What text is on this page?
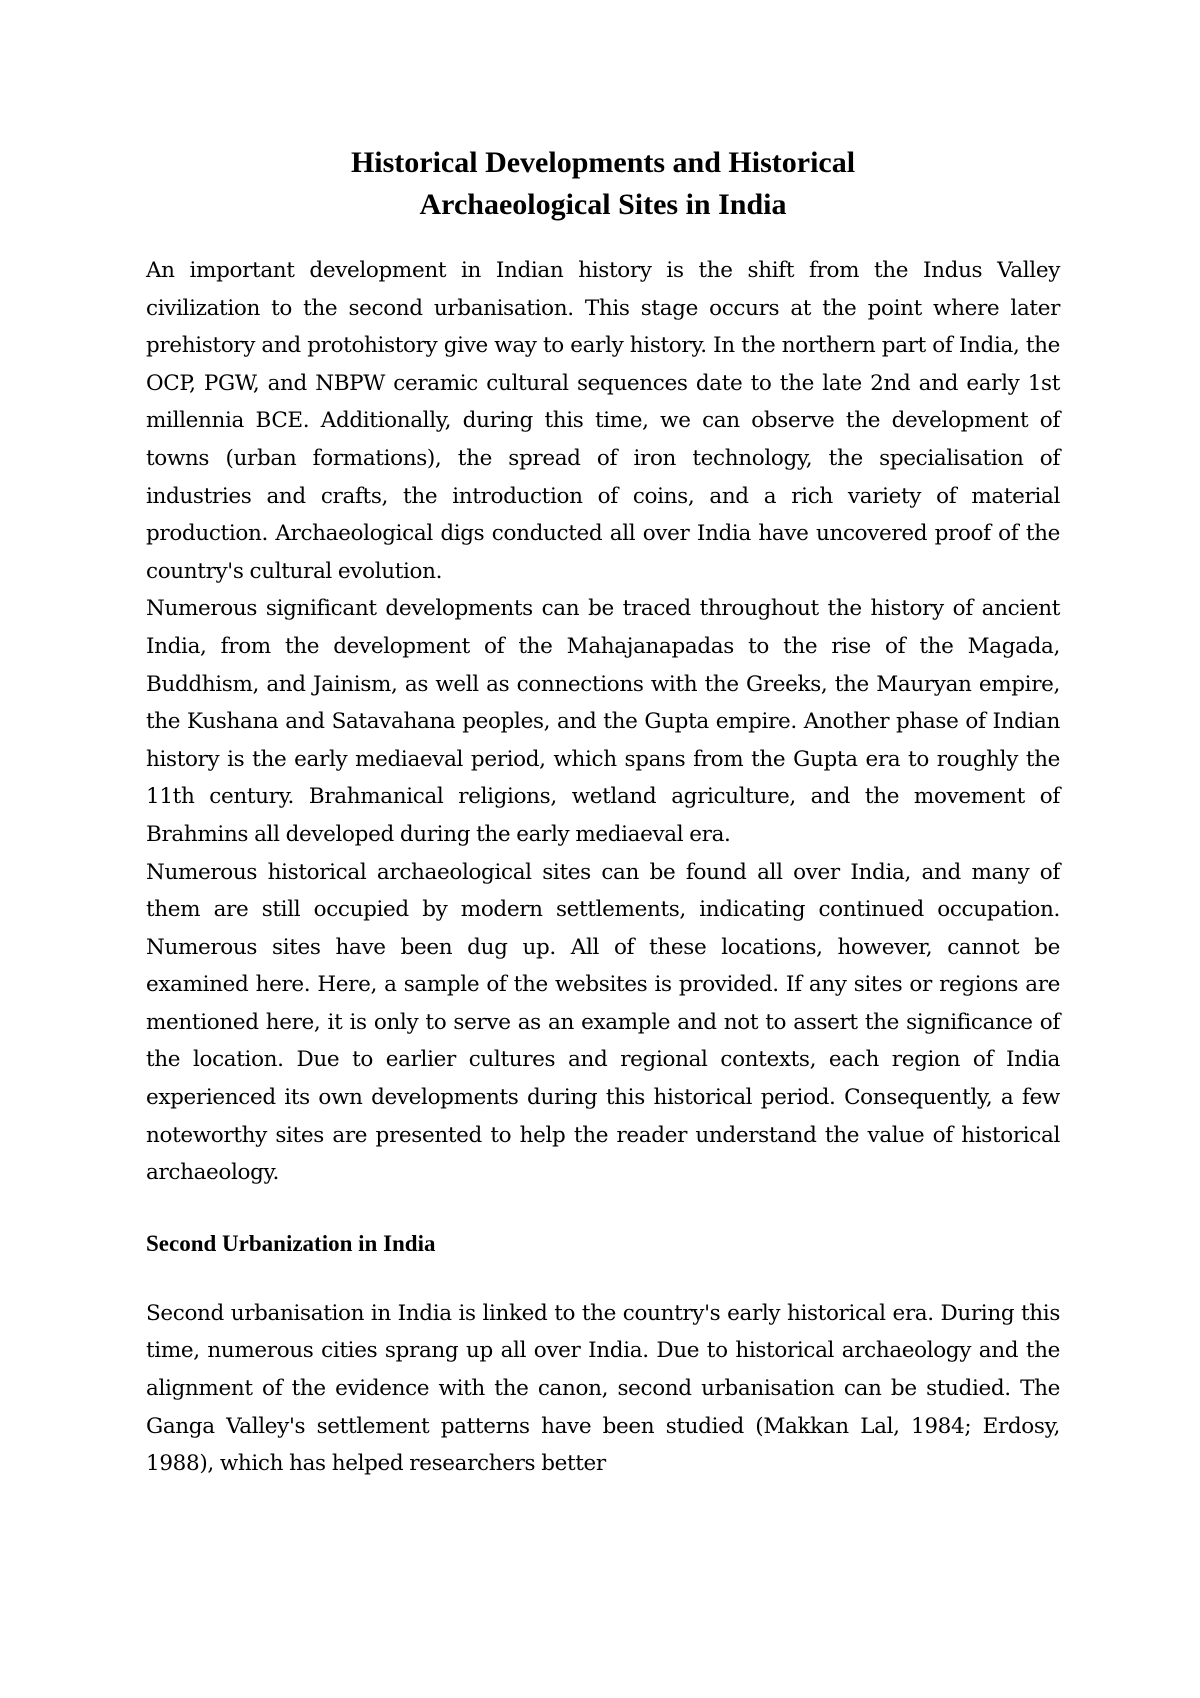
Historical Developments and Historical
Archaeological Sites in India

An important development in Indian history is the shift from the Indus Valley civilization to the second urbanisation. This stage occurs at the point where later prehistory and protohistory give way to early history. In the northern part of India, the OCP, PGW, and NBPW ceramic cultural sequences date to the late 2nd and early 1st millennia BCE. Additionally, during this time, we can observe the development of towns (urban formations), the spread of iron technology, the specialisation of industries and crafts, the introduction of coins, and a rich variety of material production. Archaeological digs conducted all over India have uncovered proof of the country's cultural evolution.

Numerous significant developments can be traced throughout the history of ancient India, from the development of the Mahajanapadas to the rise of the Magada, Buddhism, and Jainism, as well as connections with the Greeks, the Mauryan empire, the Kushana and Satavahana peoples, and the Gupta empire. Another phase of Indian history is the early mediaeval period, which spans from the Gupta era to roughly the 11th century. Brahmanical religions, wetland agriculture, and the movement of Brahmins all developed during the early mediaeval era.

Numerous historical archaeological sites can be found all over India, and many of them are still occupied by modern settlements, indicating continued occupation. Numerous sites have been dug up. All of these locations, however, cannot be examined here. Here, a sample of the websites is provided. If any sites or regions are mentioned here, it is only to serve as an example and not to assert the significance of the location. Due to earlier cultures and regional contexts, each region of India experienced its own developments during this historical period. Consequently, a few noteworthy sites are presented to help the reader understand the value of historical archaeology.

Second Urbanization in India

Second urbanisation in India is linked to the country's early historical era. During this time, numerous cities sprang up all over India. Due to historical archaeology and the alignment of the evidence with the canon, second urbanisation can be studied. The Ganga Valley's settlement patterns have been studied (Makkan Lal, 1984; Erdosy, 1988), which has helped researchers better
